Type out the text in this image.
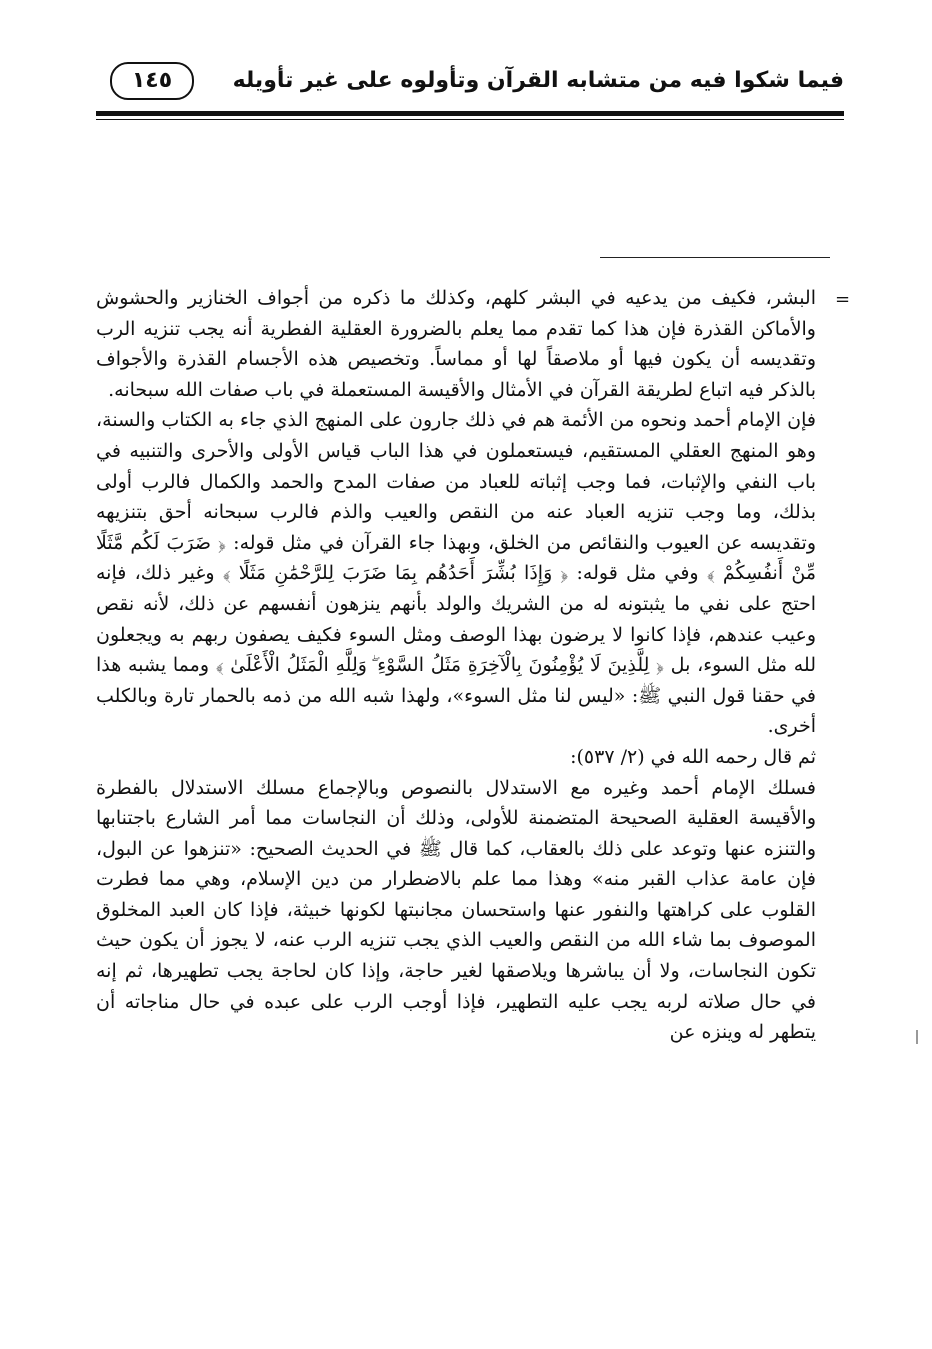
فيما شكوا فيه من متشابه القرآن وتأولوه على غير تأويله
١٤٥
=

البشر، فكيف من يدعيه في البشر كلهم، وكذلك ما ذكره من أجواف الخنازير والحشوش والأماكن القذرة فإن هذا كما تقدم مما يعلم بالضرورة العقلية الفطرية أنه يجب تنزيه الرب وتقديسه أن يكون فيها أو ملاصقاً لها أو مماساً. وتخصيص هذه الأجسام القذرة والأجواف بالذكر فيه اتباع لطريقة القرآن في الأمثال والأقيسة المستعملة في باب صفات الله سبحانه.

فإن الإمام أحمد ونحوه من الأئمة هم في ذلك جارون على المنهج الذي جاء به الكتاب والسنة، وهو المنهج العقلي المستقيم، فيستعملون في هذا الباب قياس الأولى والأحرى والتنبيه في باب النفي والإثبات، فما وجب إثباته للعباد من صفات المدح والحمد والكمال فالرب أولى بذلك، وما وجب تنزيه العباد عنه من النقص والعيب والذم فالرب سبحانه أحق بتنزيهه وتقديسه عن العيوب والنقائص من الخلق، وبهذا جاء القرآن في مثل قوله: ﴿ ضَرَبَ لَكُم مَّثَلًا مِّنْ أَنفُسِكُمْ ﴾ وفي مثل قوله: ﴿ وَإِذَا بُشِّرَ أَحَدُهُم بِمَا ضَرَبَ لِلرَّحْمَٰنِ مَثَلًا ﴾ وغير ذلك، فإنه احتج على نفي ما يثبتونه له من الشريك والولد بأنهم ينزهون أنفسهم عن ذلك، لأنه نقص وعيب عندهم، فإذا كانوا لا يرضون بهذا الوصف ومثل السوء فكيف يصفون ربهم به ويجعلون لله مثل السوء، بل ﴿ لِلَّذِينَ لَا يُؤْمِنُونَ بِالْآخِرَةِ مَثَلُ السَّوْءِ ۖ وَلِلَّهِ الْمَثَلُ الْأَعْلَىٰ ﴾ ومما يشبه هذا في حقنا قول النبي ﷺ: «ليس لنا مثل السوء»، ولهذا شبه الله من ذمه بالحمار تارة وبالكلب أخرى.

ثم قال رحمه الله في (٢/ ٥٣٧):

فسلك الإمام أحمد وغيره مع الاستدلال بالنصوص وبالإجماع مسلك الاستدلال بالفطرة والأقيسة العقلية الصحيحة المتضمنة للأولى، وذلك أن النجاسات مما أمر الشارع باجتنابها والتنزه عنها وتوعد على ذلك بالعقاب، كما قال ﷺ في الحديث الصحيح: «تنزهوا عن البول، فإن عامة عذاب القبر منه» وهذا مما علم بالاضطرار من دين الإسلام، وهي مما فطرت القلوب على كراهتها والنفور عنها واستحسان مجانبتها لكونها خبيثة، فإذا كان العبد المخلوق الموصوف بما شاء الله من النقص والعيب الذي يجب تنزيه الرب عنه، لا يجوز أن يكون حيث تكون النجاسات، ولا أن يباشرها ويلاصقها لغير حاجة، وإذا كان لحاجة يجب تطهيرها، ثم إنه في حال صلاته لربه يجب عليه التطهير، فإذا أوجب الرب على عبده في حال مناجاته أن يتطهر له وينزه عن
